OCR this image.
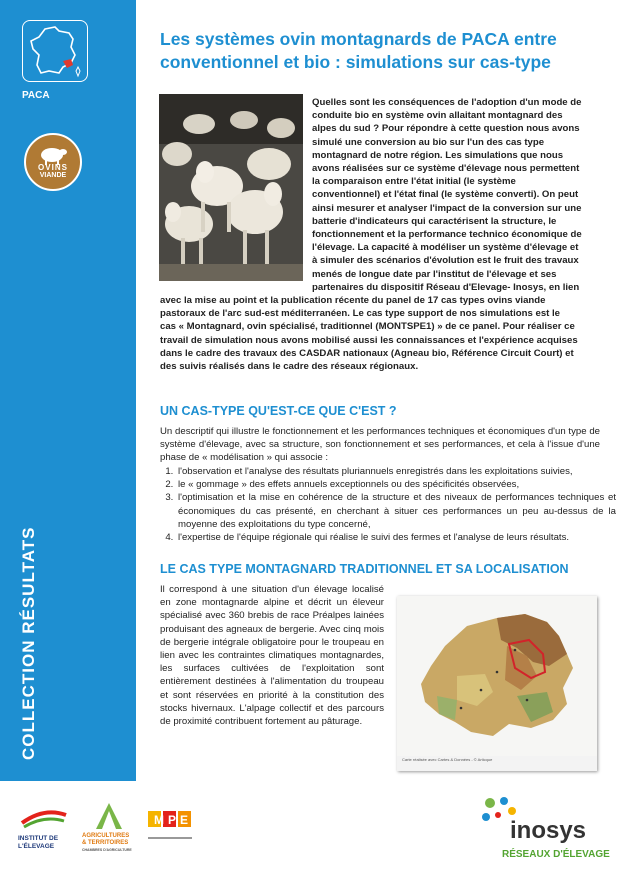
PACA
OVINS
VIANDE
COLLECTION RÉSULTATS
Les systèmes ovin montagnards de PACA entre conventionnel et bio : simulations sur cas-type
Quelles sont les conséquences de l'adoption d'un mode de
conduite bio en système ovin allaitant montagnard des
alpes du sud ? Pour répondre à cette question nous avons
simulé une conversion au bio sur l'un des cas type
montagnard de notre région. Les simulations que nous
avons réalisées sur ce système d'élevage nous permettent
la comparaison entre l'état initial (le système
conventionnel) et l'état final (le système converti). On peut
ainsi mesurer et analyser l'impact de la conversion sur une
batterie d'indicateurs qui caractérisent la structure, le
fonctionnement et la performance technico économique de
l'élevage. La capacité à modéliser un système d'élevage et
à simuler des scénarios d'évolution est le fruit des travaux
menés de longue date par l'institut de l'élevage et ses
partenaires du dispositif Réseau d'Elevage- Inosys, en lien
avec la mise au point et la publication récente du panel de 17 cas types ovins viande
pastoraux de l'arc sud-est méditerranéen. Le cas type support de nos simulations est le
cas « Montagnard, ovin spécialisé, traditionnel (MONTSPE1) » de ce panel. Pour réaliser ce
travail de simulation nous avons mobilisé aussi les connaissances et l'expérience acquises
dans le cadre des travaux des CASDAR nationaux (Agneau bio, Référence Circuit Court) et
des suivis réalisés dans le cadre des réseaux régionaux.
UN CAS-TYPE QU'EST-CE QUE C'EST ?
Un descriptif qui illustre le fonctionnement et les performances techniques et économiques d'un type de système d'élevage, avec sa structure, son fonctionnement et ses performances, et cela à l'issue d'une phase de « modélisation » qui associe :
1. l'observation et l'analyse des résultats pluriannuels enregistrés dans les exploitations suivies,
2. le « gommage » des effets annuels exceptionnels ou des spécificités observées,
3. l'optimisation et la mise en cohérence de la structure et des niveaux de performances techniques et économiques du cas présenté, en cherchant à situer ces performances un peu au-dessus de la moyenne des exploitations du type concerné,
4. l'expertise de l'équipe régionale qui réalise le suivi des fermes et l'analyse de leurs résultats.
LE CAS TYPE MONTAGNARD TRADITIONNEL ET SA LOCALISATION
Il correspond à une situation d'un élevage localisé en zone montagnarde alpine et décrit un éleveur spécialisé avec 360 brebis de race Préalpes lainées produisant des agneaux de bergerie. Avec cinq mois de bergerie intégrale obligatoire pour le troupeau en lien avec les contraintes climatiques montagnardes, les surfaces cultivées de l'exploitation sont entièrement destinées à l'alimentation du troupeau et sont réservées en priorité à la constitution des stocks hivernaux. L'alpage collectif et des parcours de proximité contribuent fortement au pâturage.
Carte réalisée avec Cartes & Données - © Articque
INSTITUT DE
L'ÉLEVAGE
AGRICULTURES
& TERRITOIRES
CHAMBRES D'AGRICULTURE
MPE	inosys
RÉSEAUX D'ÉLEVAGE
